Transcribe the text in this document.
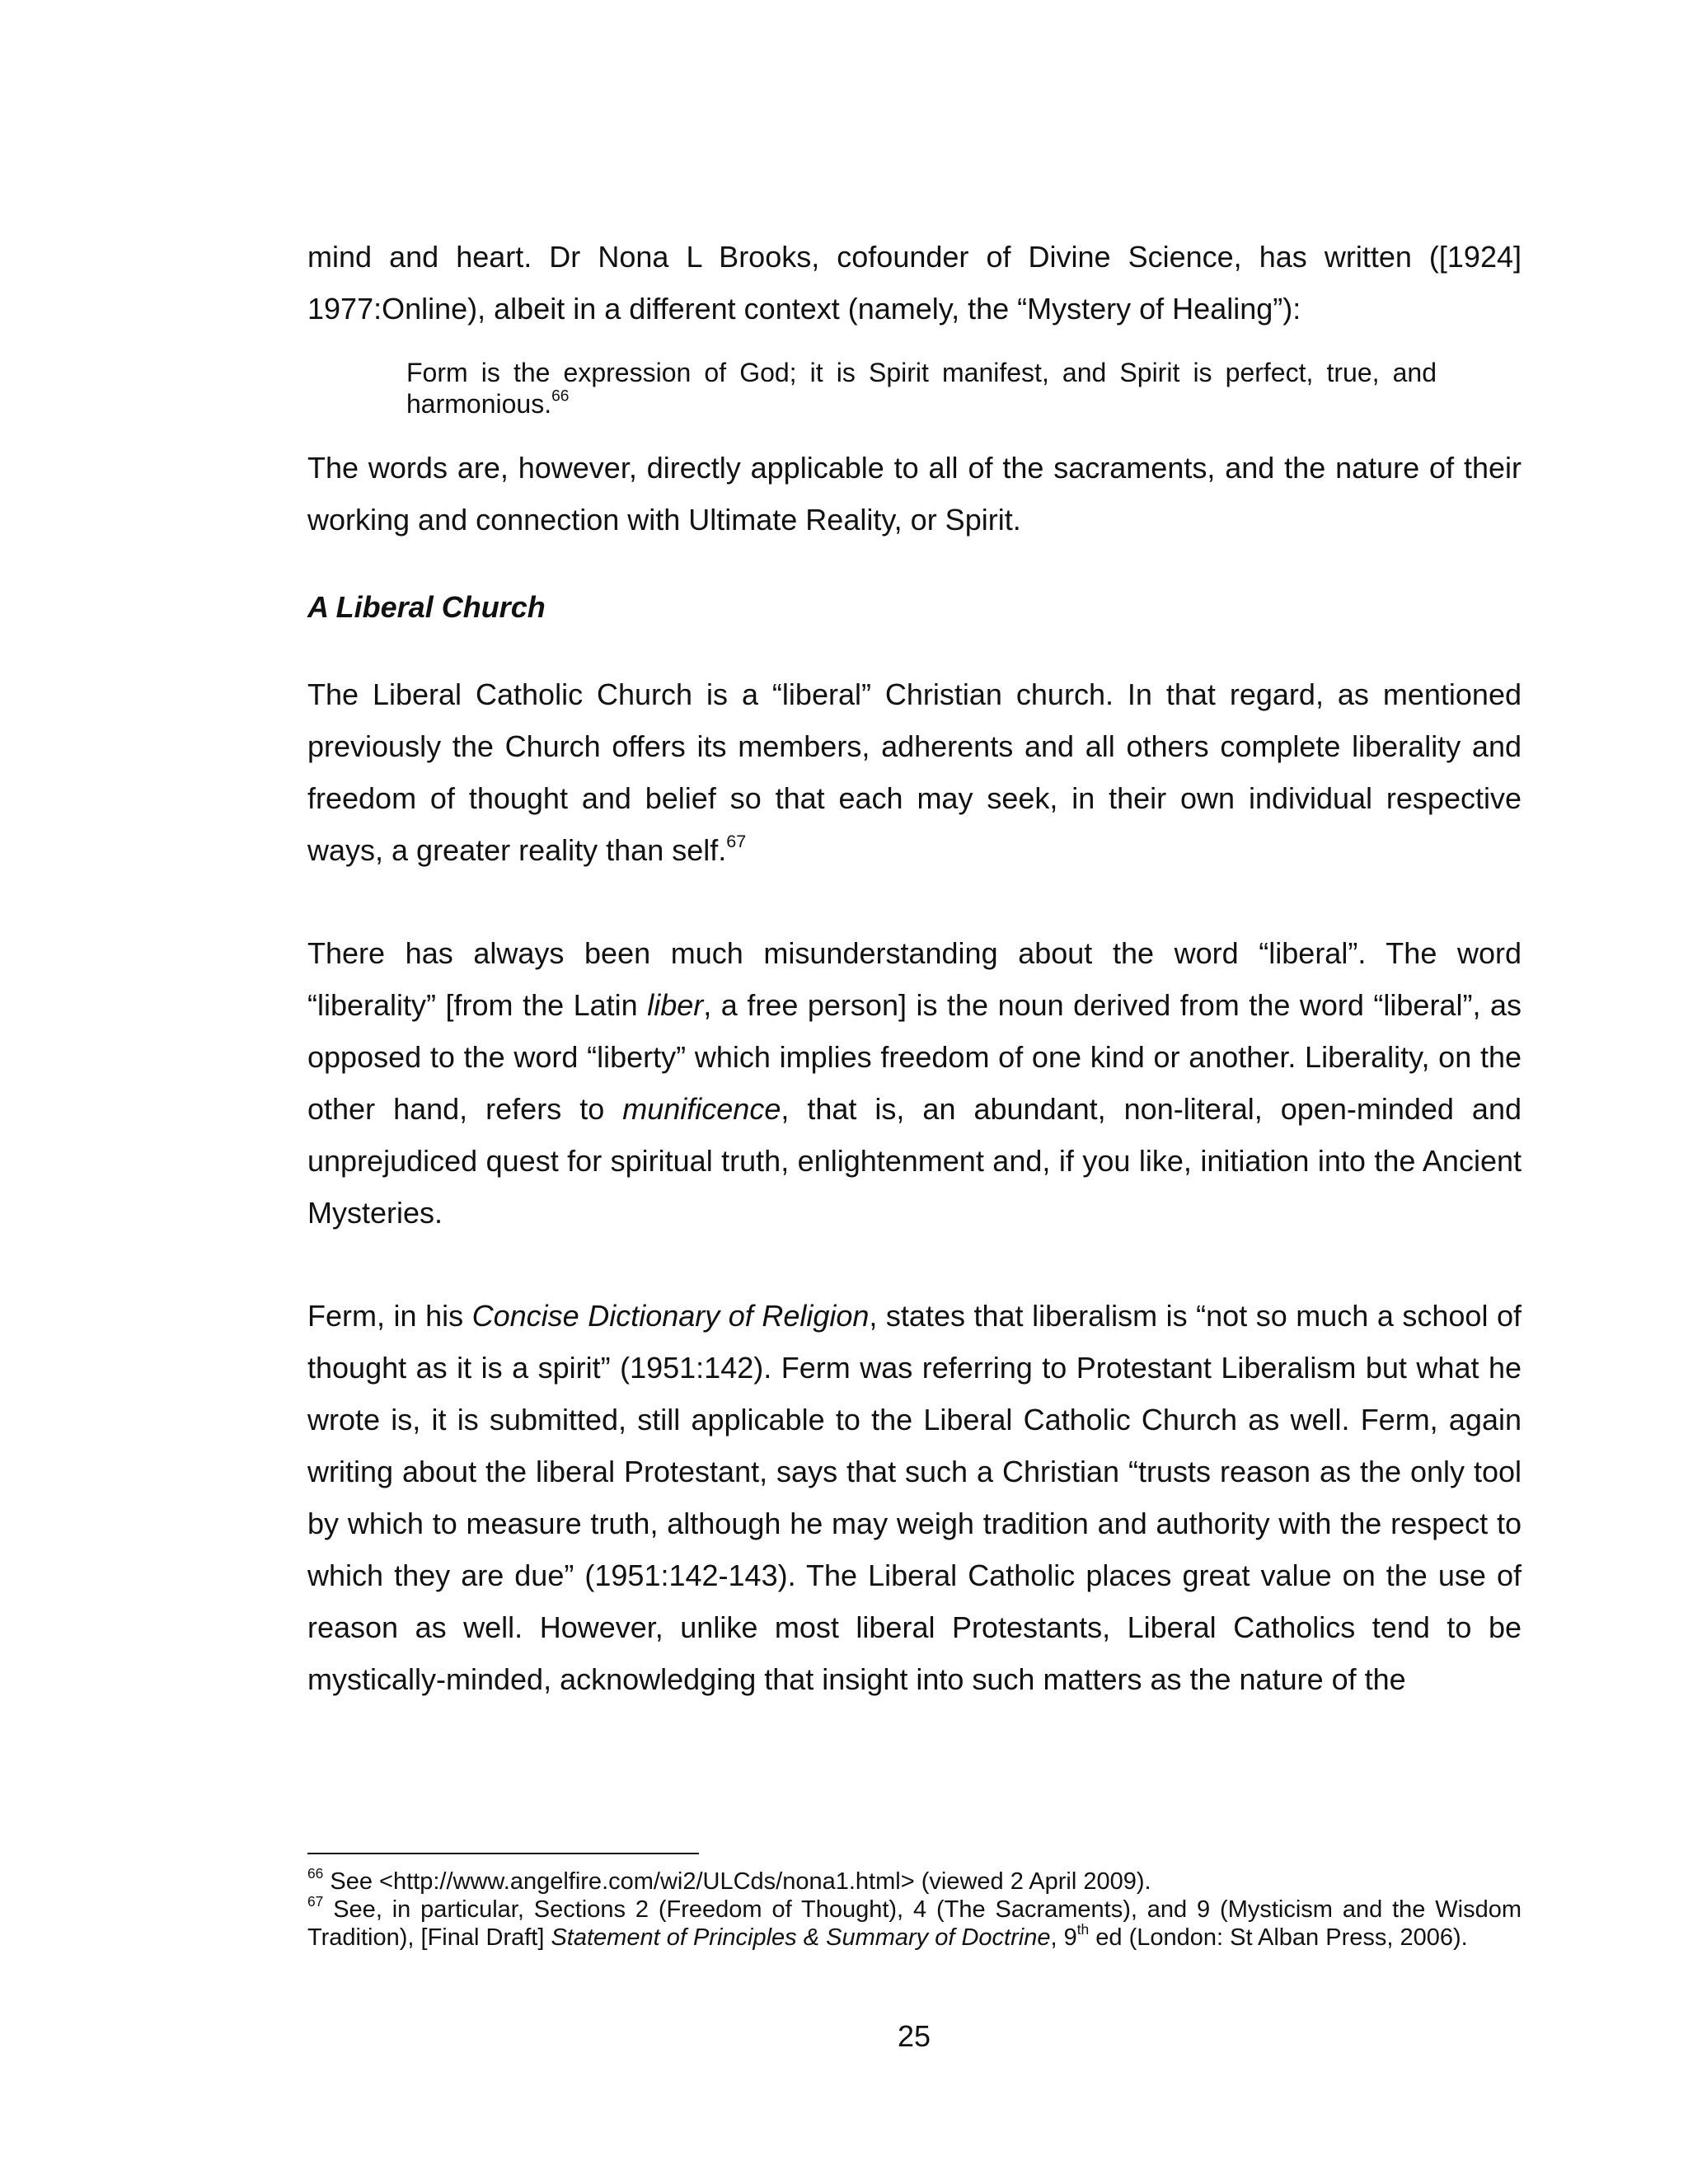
mind and heart. Dr Nona L Brooks, cofounder of Divine Science, has written ([1924] 1977:Online), albeit in a different context (namely, the “Mystery of Healing”):

Form is the expression of God; it is Spirit manifest, and Spirit is perfect, true, and harmonious.$^{66}$

The words are, however, directly applicable to all of the sacraments, and the nature of their working and connection with Ultimate Reality, or Spirit.

A Liberal Church

The Liberal Catholic Church is a “liberal” Christian church. In that regard, as mentioned previously the Church offers its members, adherents and all others complete liberality and freedom of thought and belief so that each may seek, in their own individual respective ways, a greater reality than self.$^{67}$

There has always been much misunderstanding about the word “liberal”. The word “liberality” [from the Latin liber, a free person] is the noun derived from the word “liberal”, as opposed to the word “liberty” which implies freedom of one kind or another. Liberality, on the other hand, refers to munificence, that is, an abundant, non-literal, open-minded and unprejudiced quest for spiritual truth, enlightenment and, if you like, initiation into the Ancient Mysteries.

Ferm, in his Concise Dictionary of Religion, states that liberalism is “not so much a school of thought as it is a spirit” (1951:142). Ferm was referring to Protestant Liberalism but what he wrote is, it is submitted, still applicable to the Liberal Catholic Church as well. Ferm, again writing about the liberal Protestant, says that such a Christian “trusts reason as the only tool by which to measure truth, although he may weigh tradition and authority with the respect to which they are due” (1951:142-143). The Liberal Catholic places great value on the use of reason as well. However, unlike most liberal Protestants, Liberal Catholics tend to be mystically-minded, acknowledging that insight into such matters as the nature of the

$^{66}$ See <http://www.angelfire.com/wi2/ULCds/nona1.html> (viewed 2 April 2009).

$^{67}$ See, in particular, Sections 2 (Freedom of Thought), 4 (The Sacraments), and 9 (Mysticism and the Wisdom Tradition), [Final Draft] Statement of Principles & Summary of Doctrine, 9th ed (London: St Alban Press, 2006).

25
